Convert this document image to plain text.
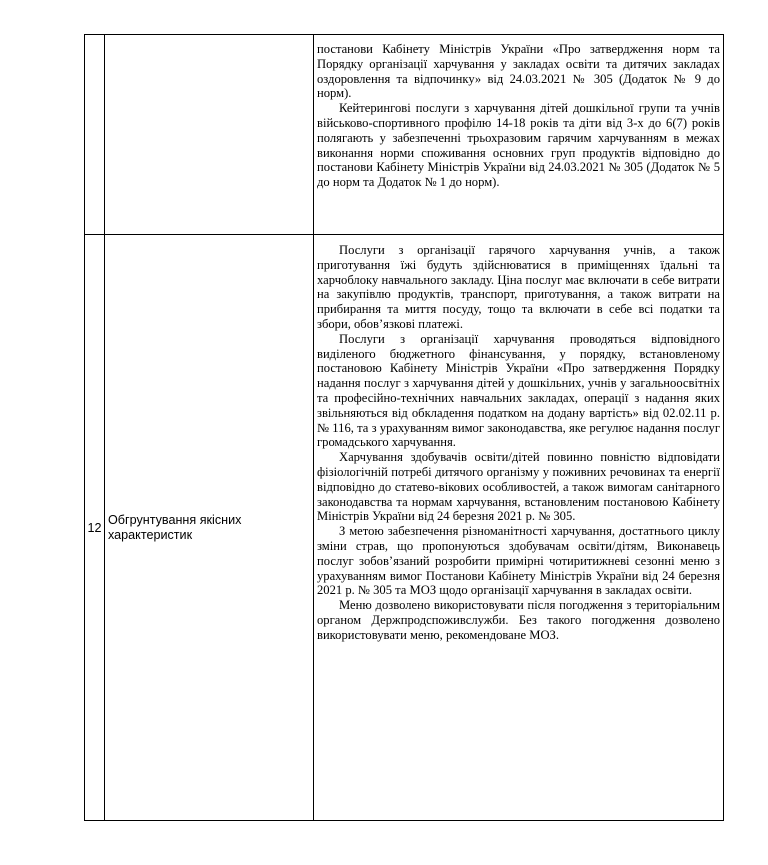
		постанови Кабінету Міністрів України «Про затвердження норм та Порядку організації харчування у закладах освіти та дитячих закладах оздоровлення та відпочинку» від 24.03.2021 № 305 (Додаток № 9 до норм).

Кейтерингові послуги з харчування дітей дошкільної групи та учнів військово-спортивного профілю 14-18 років та діти від 3-х до 6(7) років полягають у забезпеченні трьохразовим гарячим харчуванням в межах виконання норми споживання основних груп продуктів відповідно до постанови Кабінету Міністрів України від 24.03.2021 № 305 (Додаток № 5 до норм та Додаток № 1 до норм).

12	Обгрунтування якісних характеристик	Послуги з організації гарячого харчування учнів, а також приготування їжі будуть здійснюватися в приміщеннях їдальні та харчоблоку навчального закладу. Ціна послуг має включати в себе витрати на закупівлю продуктів, транспорт, приготування, а також витрати на прибирання та миття посуду, тощо та включати в себе всі податки та збори, обов’язкові платежі.

Послуги з організації харчування проводяться відповідного виділеного бюджетного фінансування, у порядку, встановленому постановою Кабінету Міністрів України «Про затвердження Порядку надання послуг з харчування дітей у дошкільних, учнів у загальноосвітніх та професійно-технічних навчальних закладах, операції з надання яких звільняються від обкладення податком на додану вартість» від 02.02.11 р. № 116, та з урахуванням вимог законодавства, яке регулює надання послуг громадського харчування.

Харчування здобувачів освіти/дітей повинно повністю відповідати фізіологічній потребі дитячого організму у поживних речовинах та енергії відповідно до статево-вікових особливостей, а також вимогам санітарного законодавства та нормам харчування, встановленим постановою Кабінету Міністрів України від 24 березня 2021 р. № 305.

З метою забезпечення різноманітності харчування, достатнього циклу зміни страв, що пропонуються здобувачам освіти/дітям, Виконавець послуг зобов’язаний розробити примірні чотиритижневі сезонні меню з урахуванням вимог Постанови Кабінету Міністрів України від 24 березня 2021 р. № 305 та МОЗ щодо організації харчування в закладах освіти.

Меню дозволено використовувати після погодження з територіальним органом Держпродспоживслужби. Без такого погодження дозволено використовувати меню, рекомендоване МОЗ.
